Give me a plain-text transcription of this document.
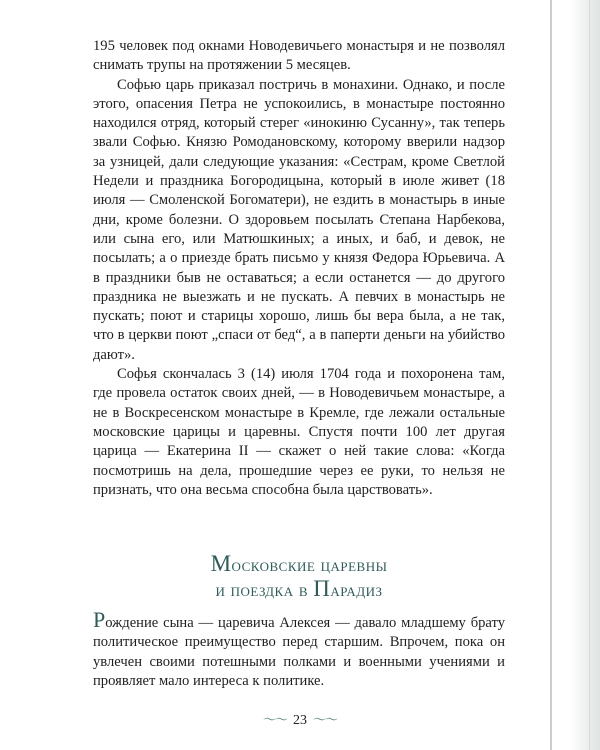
195 человек под окнами Новодевичьего монастыря и не позволял снимать трупы на протяжении 5 месяцев.

Софью царь приказал постричь в монахини. Однако, и после этого, опасения Петра не успокоились, в монастыре постоянно находился отряд, который стерег «инокиню Сусанну», так теперь звали Софью. Князю Ромодановскому, которому вверили надзор за узницей, дали следующие указания: «Сестрам, кроме Светлой Недели и праздника Богородицына, который в июле живет (18 июля — Смоленской Богоматери), не ездить в монастырь в иные дни, кроме болезни. О здоровьем посылать Степана Нарбекова, или сына его, или Матюшкиных; а иных, и баб, и девок, не посылать; а о приезде брать письмо у князя Федора Юрьевича. А в праздники быв не оставаться; а если останется — до другого праздника не выезжать и не пускать. А певчих в монастырь не пускать; поют и старицы хорошо, лишь бы вера была, а не так, что в церкви поют „спаси от бед“, а в паперти деньги на убийство дают».

Софья скончалась 3 (14) июля 1704 года и похоронена там, где провела остаток своих дней, — в Новодевичьем монастыре, а не в Воскресенском монастыре в Кремле, где лежали остальные московские царицы и царевны. Спустя почти 100 лет другая царица — Екатерина II — скажет о ней такие слова: «Когда посмотришь на дела, прошедшие через ее руки, то нельзя не признать, что она весьма способна была царствовать».

Московские царевны
и поездка в Парадиз

Рождение сына — царевича Алексея — давало младшему брату политическое преимущество перед старшим. Впрочем, пока он увлечен своими потешными полками и военными учениями и проявляет мало интереса к политике.

〜〜 23 〜〜
